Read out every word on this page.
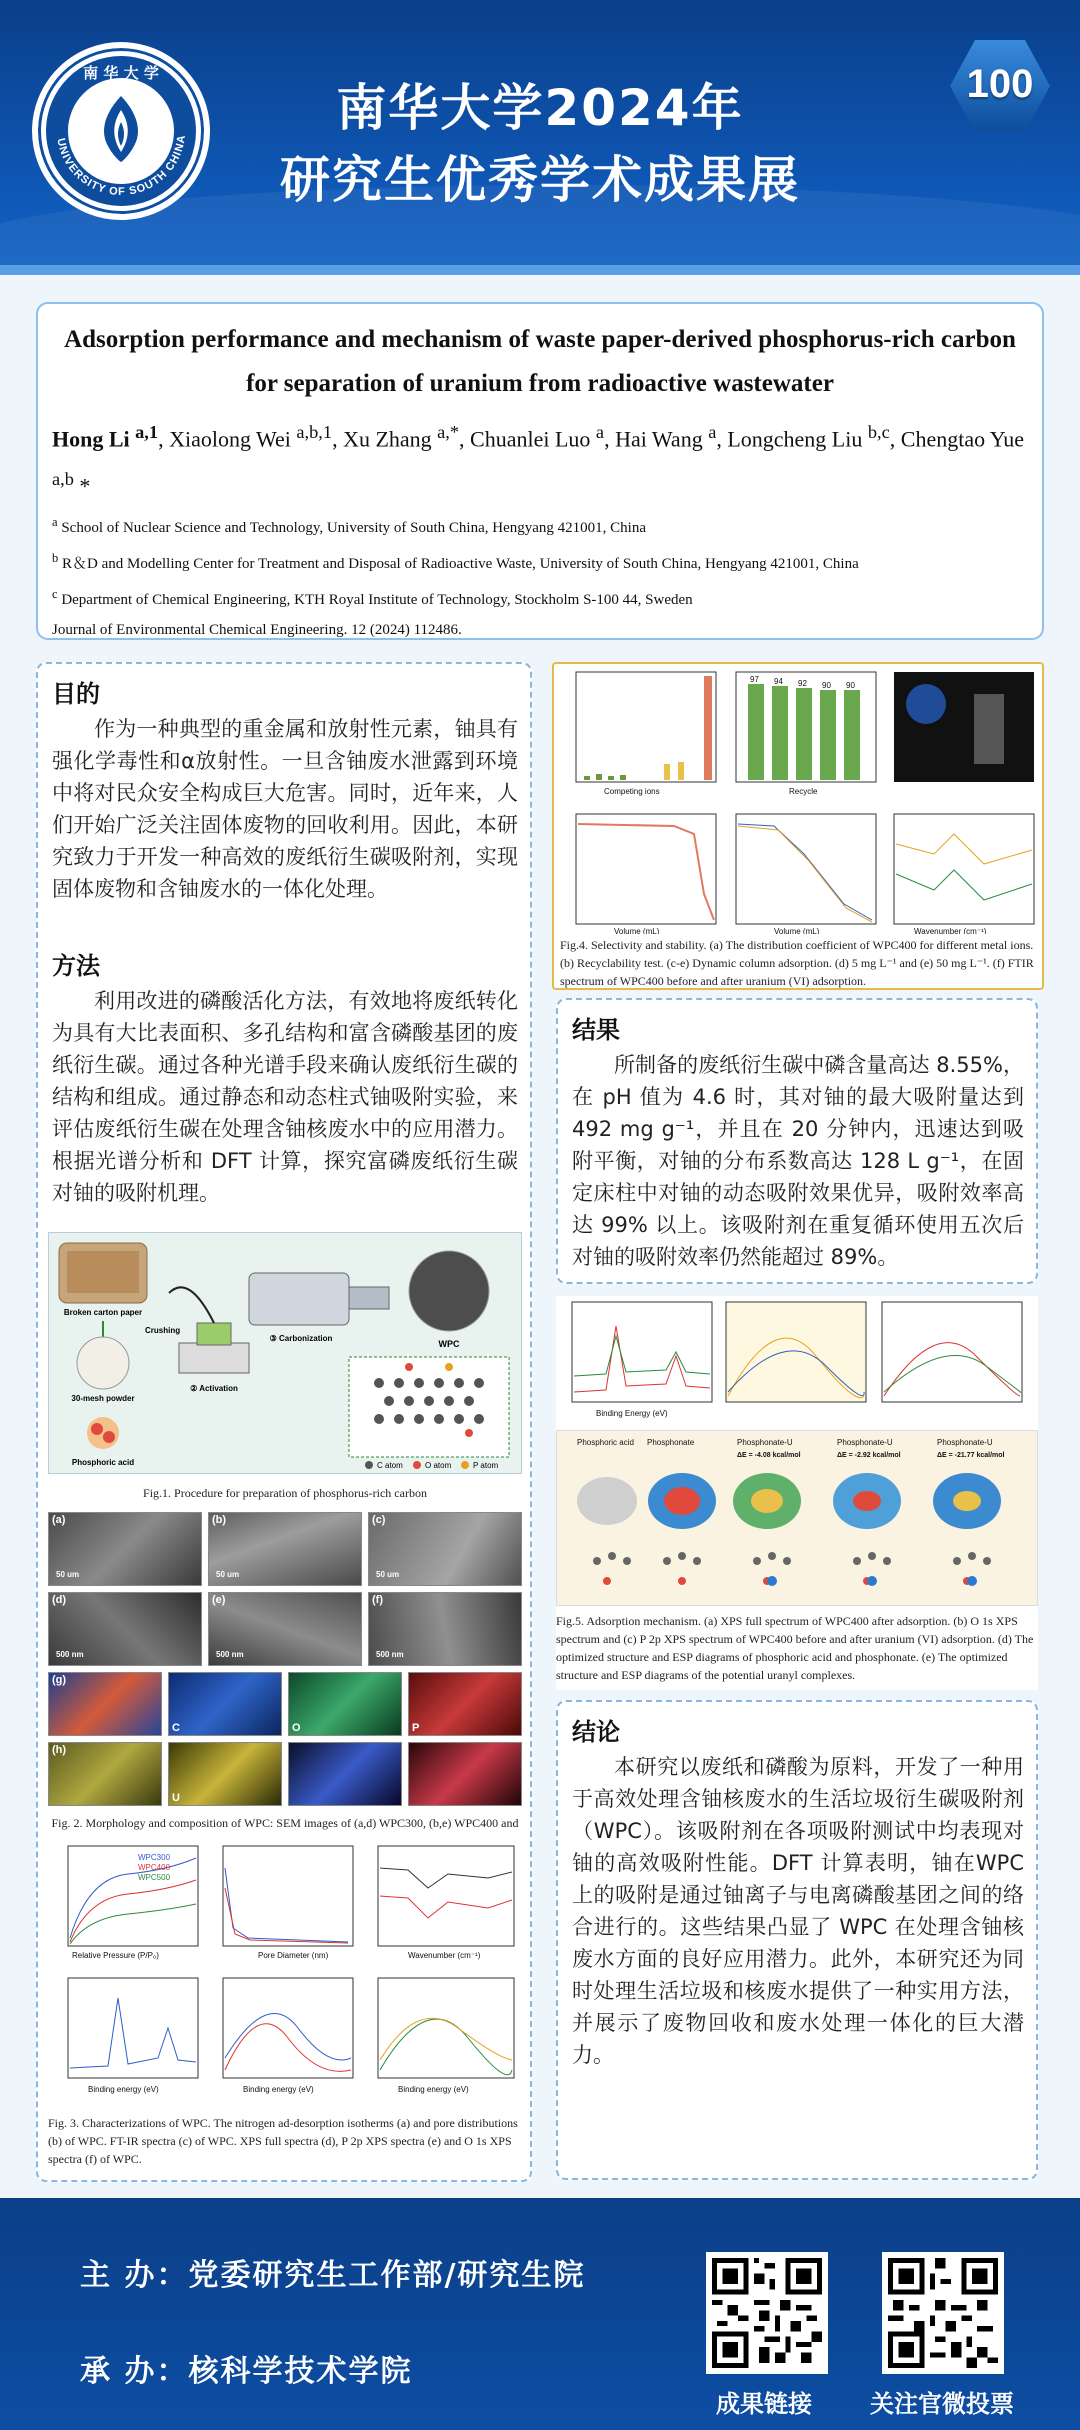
UNIVERSITY OF SOUTH CHINA
南 华 大 学
南华大学2024年
研究生优秀学术成果展
100
Adsorption performance and mechanism of waste paper-derived phosphorus-rich carbon for separation of uranium from radioactive wastewater
Hong Li $^{a,1}$, Xiaolong Wei $^{a,b,1}$, Xu Zhang $^{a,*}$, Chuanlei Luo $^a$, Hai Wang $^a$, Longcheng Liu $^{b,c}$, Chengtao Yue $^{a,b}$ *
$^a$ School of Nuclear Science and Technology, University of South China, Hengyang 421001, China
$^b$ R＆D and Modelling Center for Treatment and Disposal of Radioactive Waste, University of South China, Hengyang 421001, China
$^c$ Department of Chemical Engineering, KTH Royal Institute of Technology, Stockholm S-100 44, Sweden
Journal of Environmental Chemical Engineering. 12 (2024) 112486.
目的
作为一种典型的重金属和放射性元素，铀具有强化学毒性和α放射性。一旦含铀废水泄露到环境中将对民众安全构成巨大危害。同时，近年来，人们开始广泛关注固体废物的回收利用。因此，本研究致力于开发一种高效的废纸衍生碳吸附剂，实现固体废物和含铀废水的一体化处理。
方法
利用改进的磷酸活化方法，有效地将废纸转化为具有大比表面积、多孔结构和富含磷酸基团的废纸衍生碳。通过各种光谱手段来确认废纸衍生碳的结构和组成。通过静态和动态柱式铀吸附实验，来评估废纸衍生碳在处理含铀核废水中的应用潜力。根据光谱分析和 DFT 计算，探究富磷废纸衍生碳对铀的吸附机理。
Broken carton paper
Crushing
30-mesh powder
Phosphoric acid
② Activation
③ Carbonization
WPC
C atom	O atom	P atom
Fig.1. Procedure for preparation of phosphorus-rich carbon
(a)	(b)	(c)
(d)	(e)	(f)
(g)
(h)
50 um	50 um	50 um
500 nm	500 nm	500 nm
C	O	P
U
Fig. 2. Morphology and composition of WPC: SEM images of (a,d) WPC300, (b,e) WPC400 and
Relative Pressure (P/P₀)	Pore Diameter (nm)	Wavenumber (cm⁻¹)
Binding energy (eV)	Binding energy (eV)	Binding energy (eV)
WPC300
WPC400
WPC500
Fig. 3. Characterizations of WPC. The nitrogen ad-desorption isotherms (a) and pore distributions (b) of WPC. FT-IR spectra (c) of WPC. XPS full spectra (d), P 2p XPS spectra (e) and O 1s XPS spectra (f) of WPC.
Competing ions
97 94 92 90 90
Recycle
Volume (mL)	Volume (mL)	Wavenumber (cm⁻¹)
Fig.4. Selectivity and stability. (a) The distribution coefficient of WPC400 for different metal ions. (b) Recyclability test. (c-e) Dynamic column adsorption. (d) 5 mg L⁻¹ and (e) 50 mg L⁻¹. (f) FTIR spectrum of WPC400 before and after uranium (VI) adsorption.
结果
所制备的废纸衍生碳中磷含量高达 8.55%，在 pH 值为 4.6 时，其对铀的最大吸附量达到 492 mg g⁻¹，并且在 20 分钟内，迅速达到吸附平衡，对铀的分布系数高达 128 L g⁻¹，在固定床柱中对铀的动态吸附效果优异，吸附效率高达 99% 以上。该吸附剂在重复循环使用五次后对铀的吸附效率仍然能超过 89%。
Binding Energy (eV)
Phosphoric acid Phosphonate	Phosphonate-U	Phosphonate-U	Phosphonate-U
ΔE = -4.08 kcal/mol	ΔE = -2.92 kcal/mol	ΔE = -21.77 kcal/mol
Fig.5. Adsorption mechanism. (a) XPS full spectrum of WPC400 after adsorption. (b) O 1s XPS spectrum and (c) P 2p XPS spectrum of WPC400 before and after uranium (VI) adsorption. (d) The optimized structure and ESP diagrams of phosphoric acid and phosphonate. (e) The optimized structure and ESP diagrams of the potential uranyl complexes.
结论
本研究以废纸和磷酸为原料，开发了一种用于高效处理含铀核废水的生活垃圾衍生碳吸附剂（WPC）。该吸附剂在各项吸附测试中均表现对铀的高效吸附性能。DFT 计算表明，铀在WPC上的吸附是通过铀离子与电离磷酸基团之间的络合进行的。这些结果凸显了 WPC 在处理含铀核废水方面的良好应用潜力。此外，本研究还为同时处理生活垃圾和核废水提供了一种实用方法，并展示了废物回收和废水处理一体化的巨大潜力。
主 办：党委研究生工作部/研究生院
承 办：核科学技术学院
成果链接	关注官微投票
